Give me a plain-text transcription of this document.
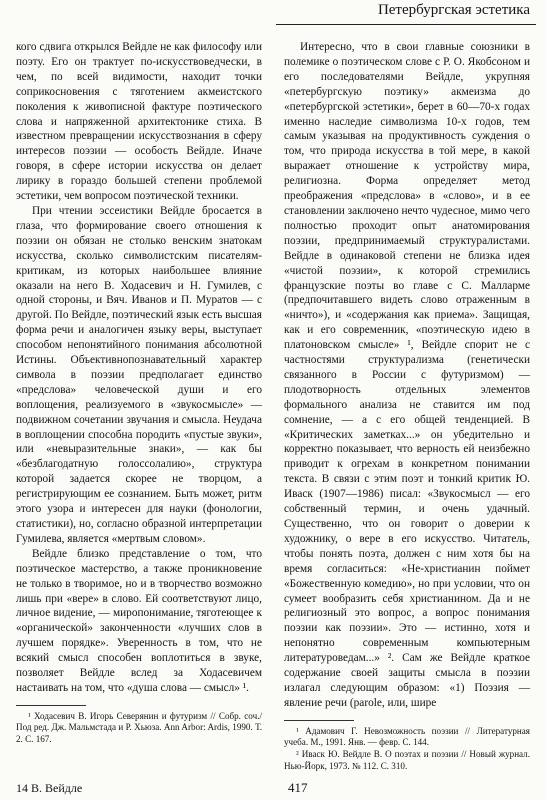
Петербургская эстетика

кого сдвига открылся Вейдле не как философу или поэту. Его он трактует по-искусствоведчески, в чем, по всей видимости, находит точки соприкосновения с тяготением акмеистского поколения к живописной фактуре поэтического слова и напряженной архитектонике стиха. В известном превращении искусствознания в сферу интересов поэзии — особость Вейдле. Иначе говоря, в сфере истории искусства он делает лирику в гораздо большей степени проблемой эстетики, чем вопросом поэтической техники.

При чтении эссеистики Вейдле бросается в глаза, что формирование своего отношения к поэзии он обязан не столько венским знатокам искусства, сколько символистским писателям-критикам, из которых наибольшее влияние оказали на него В. Ходасевич и Н. Гумилев, с одной стороны, и Вяч. Иванов и П. Муратов — с другой. По Вейдле, поэтический язык есть высшая форма речи и аналогичен языку веры, выступает способом непонятийного понимания абсолютной Истины. Объективнопознавательный характер символа в поэзии предполагает единство «предслова» человеческой души и его воплощения, реализуемого в «звукосмысле» — подвижном сочетании звучания и смысла. Неудача в воплощении способна породить «пустые звуки», или «невыразительные знаки», — как бы «безблагодатную голоссолалию», структура которой задается скорее не творцом, а регистрирующим ее сознанием. Быть может, ритм этого узора и интересен для науки (фонологии, статистики), но, согласно образной интерпретации Гумилева, является «мертвым словом».

Вейдле близко представление о том, что поэтическое мастерство, а также проникновение не только в творимое, но и в творчество возможно лишь при «вере» в слово. Ей соответствуют лицо, личное видение, — миропонимание, тяготеющее к «органической» законченности «лучших слов в лучшем порядке». Уверенность в том, что не всякий смысл способен воплотиться в звуке, позволяет Вейдле вслед за Ходасевичем настаивать на том, что «душа слова — смысл» ¹.

¹ Ходасевич В. Игорь Северянин и футуризм // Собр. соч./ Под ред. Дж. Мальмстада и Р. Хьюза. Ann Arbor: Ardis, 1990. Т. 2. С. 167.

Интересно, что в свои главные союзники в полемике о поэтическом слове с Р. О. Якобсоном и его последователями Вейдле, укрупняя «петербургскую поэтику» акмеизма до «петербургской эстетики», берет в 60—70-х годах именно наследие символизма 10-х годов, тем самым указывая на продуктивность суждения о том, что природа искусства в той мере, в какой выражает отношение к устройству мира, религиозна. Форма определяет метод преображения «предслова» в «слово», и в ее становлении заключено нечто чудесное, мимо чего полностью проходит опыт анатомирования поэзии, предпринимаемый структуралистами. Вейдле в одинаковой степени не близка идея «чистой поэзии», к которой стремились французские поэты во главе с С. Малларме (предпочитавшего видеть слово отраженным в «ничто»), и «содержания как приема». Защищая, как и его современник, «поэтическую идею в платоновском смысле» ¹, Вейдле спорит не с частностями структурализма (генетически связанного в России с футуризмом) — плодотворность отдельных элементов формального анализа не ставится им под сомнение, — а с его общей тенденцией. В «Критических заметках...» он убедительно и корректно показывает, что верность ей неизбежно приводит к огрехам в конкретном понимании текста. В связи с этим поэт и тонкий критик Ю. Иваск (1907—1986) писал: «Звукосмысл — его собственный термин, и очень удачный. Существенно, что он говорит о доверии к художнику, о вере в его искусство. Читатель, чтобы понять поэта, должен с ним хотя бы на время согласиться: «Не-христианин поймет «Божественную комедию», но при условии, что он сумеет вообразить себя христианином. Да и не религиозный это вопрос, а вопрос понимания поэзии как поэзии». Это — истинно, хотя и непонятно современным компьютерным литературоведам...» ². Сам же Вейдле краткое содержание своей защиты смысла в поэзии излагал следующим образом: «1) Поэзия — явление речи (parole, или, шире

¹ Адамович Г. Невозможность поэзии // Литературная учеба. М., 1991. Янв. — февр. С. 144.

² Иваск Ю. Вейдле В. О поэтах и поэзии // Новый журнал. Нью-Йорк, 1973. № 112. С. 310.

14 В. Вейдле	417
